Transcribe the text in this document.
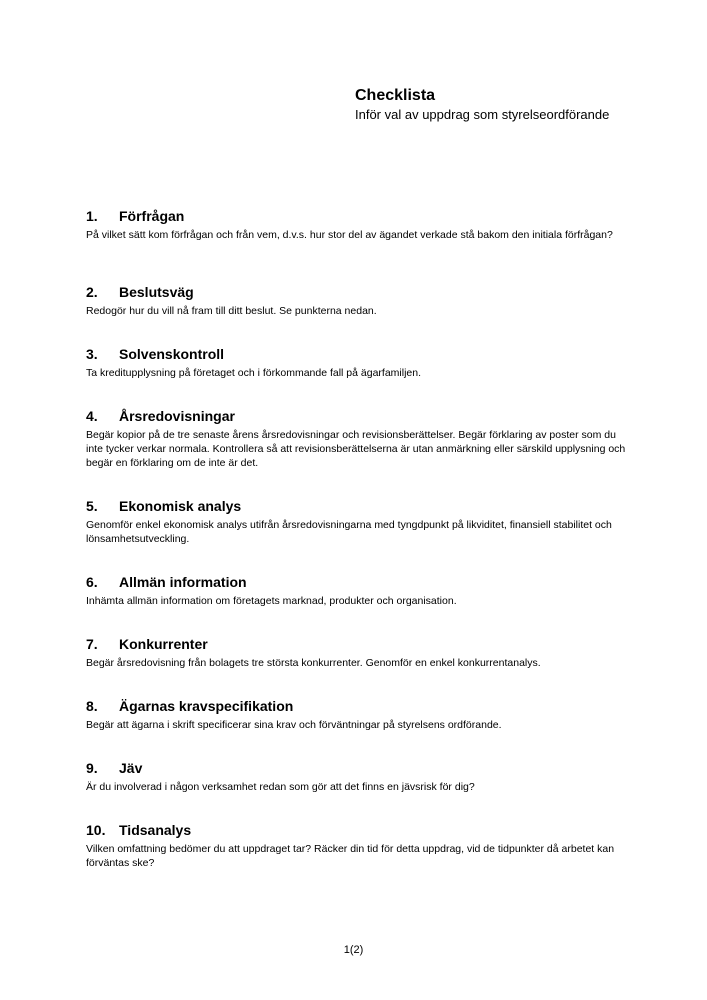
Checklista

Inför val av uppdrag som styrelseordförande

1.	Förfrågan

På vilket sätt kom förfrågan och från vem, d.v.s. hur stor del av ägandet verkade stå bakom den initiala förfrågan?

2.	Beslutsväg

Redogör hur du vill nå fram till ditt beslut. Se punkterna nedan.

3.	Solvenskontroll

Ta kreditupplysning på företaget och i förkommande fall på ägarfamiljen.

4.	Årsredovisningar

Begär kopior på de tre senaste årens årsredovisningar och revisionsberättelser. Begär förklaring av poster som du inte tycker verkar normala. Kontrollera så att revisionsberättelserna är utan anmärkning eller särskild upplysning och begär en förklaring om de inte är det.

5.	Ekonomisk analys

Genomför enkel ekonomisk analys utifrån årsredovisningarna med tyngdpunkt på likviditet, finansiell stabilitet och lönsamhetsutveckling.

6.	Allmän information

Inhämta allmän information om företagets marknad, produkter och organisation.

7.	Konkurrenter

Begär årsredovisning från bolagets tre största konkurrenter. Genomför en enkel konkurrentanalys.

8.	Ägarnas kravspecifikation

Begär att ägarna i skrift specificerar sina krav och förväntningar på styrelsens ordförande.

9.	Jäv

Är du involverad i någon verksamhet redan som gör att det finns en jävsrisk för dig?

10. Tidsanalys

Vilken omfattning bedömer du att uppdraget tar? Räcker din tid för detta uppdrag, vid de tidpunkter då arbetet kan förväntas ske?

1(2)
